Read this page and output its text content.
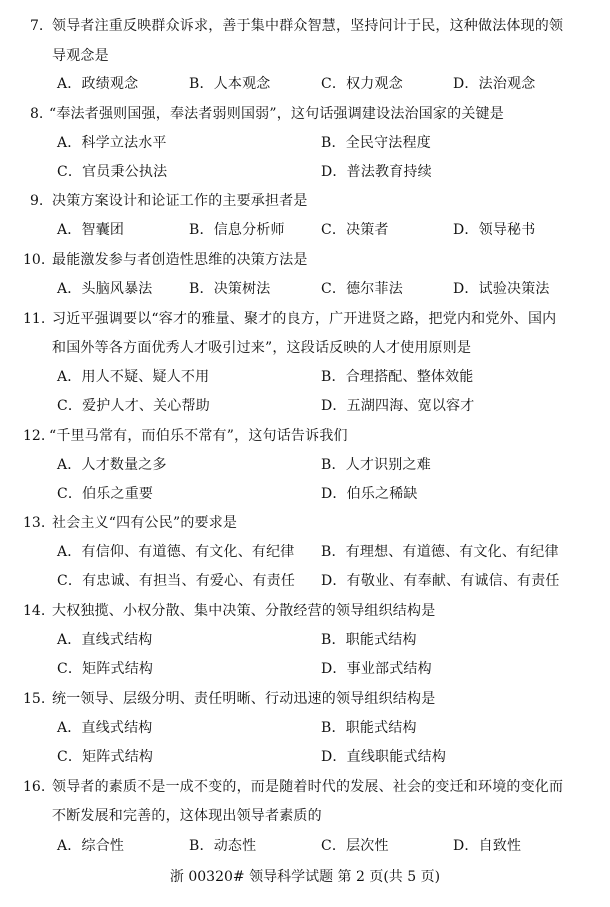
7. 领导者注重反映群众诉求，善于集中群众智慧，坚持问计于民，这种做法体现的领
导观念是
A．政绩观念	B．人本观念	C．权力观念	D．法治观念
8. “奉法者强则国强，奉法者弱则国弱”，这句话强调建设法治国家的关键是
A．科学立法水平	B．全民守法程度
C．官员秉公执法	D．普法教育持续
9. 决策方案设计和论证工作的主要承担者是
A．智囊团	B．信息分析师	C．决策者	D．领导秘书
10. 最能激发参与者创造性思维的决策方法是
A．头脑风暴法	B．决策树法	C．德尔菲法	D．试验决策法
11. 习近平强调要以“容才的雅量、聚才的良方，广开进贤之路，把党内和党外、国内
和国外等各方面优秀人才吸引过来”，这段话反映的人才使用原则是
A．用人不疑、疑人不用	B．合理搭配、整体效能
C．爱护人才、关心帮助	D．五湖四海、宽以容才
12. “千里马常有，而伯乐不常有”，这句话告诉我们
A．人才数量之多	B．人才识别之难
C．伯乐之重要	D．伯乐之稀缺
13. 社会主义“四有公民”的要求是
A．有信仰、有道德、有文化、有纪律 B．有理想、有道德、有文化、有纪律
C．有忠诚、有担当、有爱心、有责任 D．有敬业、有奉献、有诚信、有责任
14. 大权独揽、小权分散、集中决策、分散经营的领导组织结构是
A．直线式结构	B．职能式结构
C．矩阵式结构	D．事业部式结构
15. 统一领导、层级分明、责任明晰、行动迅速的领导组织结构是
A．直线式结构	B．职能式结构
C．矩阵式结构	D．直线职能式结构
16. 领导者的素质不是一成不变的，而是随着时代的发展、社会的变迁和环境的变化而
不断发展和完善的，这体现出领导者素质的
A．综合性	B．动态性	C．层次性	D．自致性
浙 00320# 领导科学试题 第 2 页(共 5 页)
